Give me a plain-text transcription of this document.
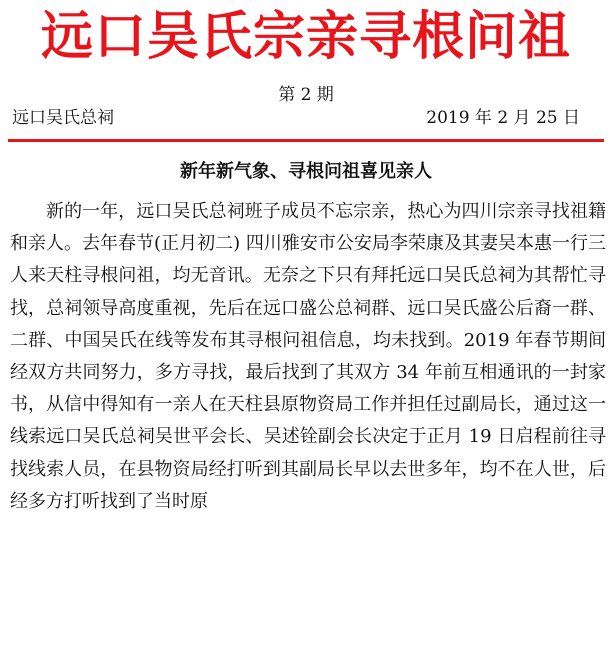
远口吴氏宗亲寻根问祖
第 2 期
远口吴氏总祠	2019 年 2 月 25 日
新年新气象、寻根问祖喜见亲人

新的一年，远口吴氏总祠班子成员不忘宗亲，热心为四川宗亲寻找祖籍和亲人。去年春节(正月初二) 四川雅安市公安局李荣康及其妻吴本惠一行三人来天柱寻根问祖，均无音讯。无奈之下只有拜托远口吴氏总祠为其帮忙寻找，总祠领导高度重视，先后在远口盛公总祠群、远口吴氏盛公后裔一群、二群、中国吴氏在线等发布其寻根问祖信息，均未找到。2019 年春节期间经双方共同努力，多方寻找，最后找到了其双方 34 年前互相通讯的一封家书，从信中得知有一亲人在天柱县原物资局工作并担任过副局长，通过这一线索远口吴氏总祠吴世平会长、吴述铨副会长决定于正月 19 日启程前往寻找线索人员，在县物资局经打听到其副局长早以去世多年，均不在人世，后经多方打听找到了当时原
